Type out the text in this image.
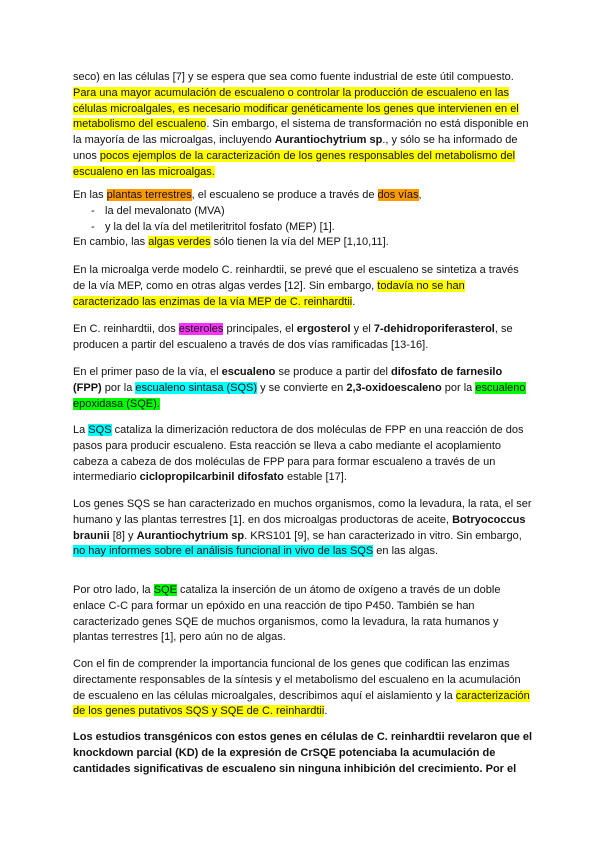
seco) en las células [7] y se espera que sea como fuente industrial de este útil compuesto. Para una mayor acumulación de escualeno o controlar la producción de escualeno en las células microalgales, es necesario modificar genéticamente los genes que intervienen en el metabolismo del escualeno. Sin embargo, el sistema de transformación no está disponible en la mayoría de las microalgas, incluyendo Aurantiochytrium sp., y sólo se ha informado de unos pocos ejemplos de la caracterización de los genes responsables del metabolismo del escualeno en las microalgas.

En las plantas terrestres, el escualeno se produce a través de dos vías,
- la del mevalonato (MVA)
- y la del la vía del metileritritol fosfato (MEP) [1].
En cambio, las algas verdes sólo tienen la vía del MEP [1,10,11].

En la microalga verde modelo C. reinhardtii, se prevé que el escualeno se sintetiza a través de la vía MEP, como en otras algas verdes [12]. Sin embargo, todavía no se han caracterizado las enzimas de la vía MEP de C. reinhardtii.

En C. reinhardtii, dos esteroles principales, el ergosterol y el 7-dehidroporiferasterol, se producen a partir del escualeno a través de dos vías ramificadas [13-16].

En el primer paso de la vía, el escualeno se produce a partir del difosfato de farnesilo (FPP) por la escualeno sintasa (SQS) y se convierte en 2,3-oxidoescaleno por la escualeno epoxidasa (SQE).

La SQS cataliza la dimerización reductora de dos moléculas de FPP en una reacción de dos pasos para producir escualeno. Esta reacción se lleva a cabo mediante el acoplamiento cabeza a cabeza de dos moléculas de FPP para para formar escualeno a través de un intermediario ciclopropilcarbinil difosfato estable [17].

Los genes SQS se han caracterizado en muchos organismos, como la levadura, la rata, el ser humano y las plantas terrestres [1]. en dos microalgas productoras de aceite, Botryococcus braunii [8] y Aurantiochytrium sp. KRS101 [9], se han caracterizado in vitro. Sin embargo, no hay informes sobre el análisis funcional in vivo de las SQS en las algas.

Por otro lado, la SQE cataliza la inserción de un átomo de oxígeno a través de un doble enlace C-C para formar un epóxido en una reacción de tipo P450. También se han caracterizado genes SQE de muchos organismos, como la levadura, la rata humanos y plantas terrestres [1], pero aún no de algas.

Con el fin de comprender la importancia funcional de los genes que codifican las enzimas directamente responsables de la síntesis y el metabolismo del escualeno en la acumulación de escualeno en las células microalgales, describimos aquí el aislamiento y la caracterización de los genes putativos SQS y SQE de C. reinhardtii.

Los estudios transgénicos con estos genes en células de C. reinhardtii revelaron que el knockdown parcial (KD) de la expresión de CrSQE potenciaba la acumulación de cantidades significativas de escualeno sin ninguna inhibición del crecimiento. Por el
